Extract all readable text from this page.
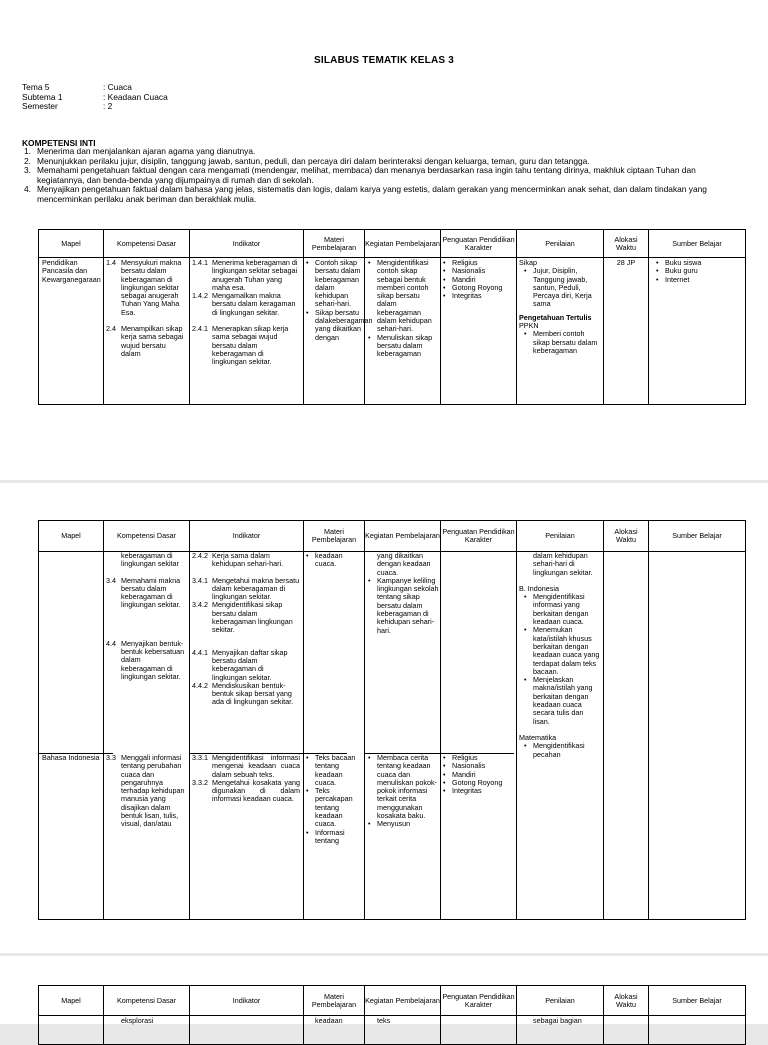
SILABUS TEMATIK KELAS 3
Tema 5	: Cuaca
Subtema 1	: Keadaan Cuaca
Semester	: 2
KOMPETENSI INTI
1. Menerima dan menjalankan ajaran agama yang dianutnya.
2. Menunjukkan perilaku jujur, disiplin, tanggung jawab, santun, peduli, dan percaya diri dalam berinteraksi dengan keluarga, teman, guru dan tetangga.
3. Memahami pengetahuan faktual dengan cara mengamati (mendengar, melihat, membaca) dan menanya berdasarkan rasa ingin tahu tentang dirinya, makhluk ciptaan Tuhan dan kegiatannya, dan benda-benda yang dijumpainya di rumah dan di sekolah.
4. Menyajikan pengetahuan faktual dalam bahasa yang jelas, sistematis dan logis, dalam karya yang estetis, dalam gerakan yang mencerminkan anak sehat, dan dalam tindakan yang mencerminkan perilaku anak beriman dan berakhlak mulia.
Mapel	Kompetensi Dasar	Indikator	Materi Pembelajaran	Kegiatan Pembelajaran Penguatan Pendidikan Karakter	Penilaian	Alokasi Waktu	Sumber Belajar

Pendidikan Pancasila dan Kewarganegaraan

1.4 Mensyukuri makna bersatu dalam keberagaman di lingkungan sekitar sebagai anugerah Tuhan Yang Maha Esa.
2.4 Menampilkan sikap kerja sama sebagai wujud bersatu dalam
1.4.1 Menerima keberagaman di lingkungan sekitar sebagai anugerah Tuhan yang maha esa.
1.4.2 Mengamalkan makna bersatu dalam keragaman di lingkungan sekitar.
2.4.1 Menerapkan sikap kerja sama sebagai wujud bersatu dalam keberagaman di lingkungan sekitar.
• Contoh sikap bersatu dalam keberagaman dalam kehidupan sehari-hari.
• Sikap bersatu dalakeberagaman yang dikaitkan dengan
• Mengidentifikasi contoh sikap sebagai bentuk memberi contoh sikap bersatu dalam keberagaman dalam kehidupan sehari-hari.
• Menuliskan sikap bersatu dalam keberagaman
• Religius
• Nasionalis
• Mandiri
• Gotong Royong
• Integritas

Sikap

• Jujur, Disiplin, Tanggung jawab, santun, Peduli, Percaya diri, Kerja sama

Pengetahuan Tertulis

PPKN

• Memberi contoh sikap bersatu dalam keberagaman

28 JP

•	Buku siswa
• Buku guru
• Internet
Mapel	Kompetensi Dasar	Indikator	Materi Pembelajaran	Kegiatan Pembelajaran Penguatan Pendidikan Karakter	Penilaian	Alokasi Waktu	Sumber Belajar

Bahasa Indonesia

keberagaman di lingkungan sekitar
3.4 Memahami makna bersatu dalam keberagaman di lingkungan sekitar.
4.4 Menyajikan bentuk-bentuk kebersatuan dalam keberagaman di lingkungan sekitar.
3.3 Menggali informasi tentang perubahan cuaca dan pengaruhnya terhadap kehidupan manusia yang disajikan dalam bentuk lisan, tulis, visual, dan/atau
2.4.2 Kerja sama dalam kehidupan sehari-hari.
3.4.1 Mengetahui makna bersatu dalam keberagaman di lingkungan sekitar.
3.4.2 Mengidentifikasi sikap bersatu dalam keberagaman lingkungan sekitar.
4.4.1 Menyajikan daftar sikap bersatu dalam keberagaman di lingkungan sekitar.
4.4.2 Mendiskusikan bentuk- bentuk sikap bersat yang ada di lingkungan sekitar.
3.3.1 Mengidentifikasi informasi mengenai keadaan cuaca dalam sebuah teks.
3.3.2 Mengetahui kosakata yang digunakan di dalam informasi keadaan cuaca.
• keadaan cuaca.
• Teks bacaan tentang keadaan cuaca.
• Teks percakapan tentang keadaan cuaca.
• Informasi tentang

yang dikaitkan dengan keadaan cuaca.

• Kampanye keliling lingkungan sekolah tentang sikap bersatu dalam keberagaman di kehidupan sehari-hari.
• Membaca cerita tentang keadaan cuaca dan menuliskan pokok-pokok informasi terkait cerita menggunakan kosakata baku.
• Menyusun
• Religius
• Nasionalis
• Mandiri
• Gotong Royong
• Integritas

dalam kehidupan sehari-hari di lingkungan sekitar.

B. Indonesia

• Mengidentifikasi informasi yang berkaitan dengan keadaan cuaca.
• Menemukan kata/istilah khusus berkaitan dengan keadaan cuaca yang terdapat dalam teks bacaan.
• Menjelaskan makna/istilah yang berkaitan dengan keadaan cuaca secara tulis dan lisan.

Matematika

• Mengidentifikasi pecahan
Mapel	Kompetensi Dasar	Indikator	Materi Pembelajaran	Kegiatan Pembelajaran Penguatan Pendidikan Karakter	Penilaian	Alokasi Waktu	Sumber Belajar

eksplorasi	keadaan	teks	sebagai bagian
